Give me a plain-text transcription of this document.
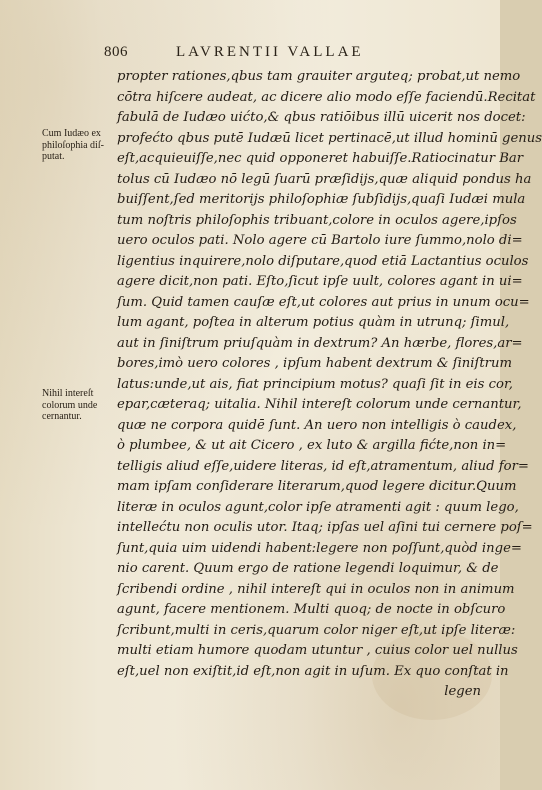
806	LAVRENTII VALLAE
Cum Iudæo ex
philoſophia diſ-
putat.
Nihil intereſt
colorum unde
cernantur.
propter rationes,qbus tam grauiter arguteq; probat,ut nemo
cōtra hiſcere audeat, ac dicere alio modo eſſe faciendū.Recitat
fabulā de Iudæo uićto,& qbus ratiōibus illū uicerit nos docet:
profećto qbus putē Iudæū licet pertinacē,ut illud hominū genus
eſt,acquieuiſſe,nec quid opponeret habuiſſe.Ratiocinatur Bar
tolus cū Iudæo nō legū ſuarū præſidijs,quæ aliquid pondus ha
buiſſent,ſed meritorijs philoſophiæ ſubſidijs,quaſi Iudæi mula
tum noſtris philoſophis tribuant,colore in oculos agere,ipſos
uero oculos pati. Nolo agere cū Bartolo iure ſummo,nolo di=
ligentius inquirere,nolo diſputare,quod etiā Lactantius oculos
agere dicit,non pati. Eſto,ſicut ipſe uult, colores agant in ui=
ſum. Quid tamen cauſæ eſt,ut colores aut prius in unum ocu=
lum agant, poſtea in alterum potius quàm in utrunq; ſimul,
aut in ſiniſtrum priuſquàm in dextrum? An hærbe, flores,ar=
bores,imò uero colores , ipſum habent dextrum & ſiniſtrum
latus:unde,ut ais, fiat principium motus? quaſi ſit in eis cor,
epar,cæteraq; uitalia. Nihil intereſt colorum unde cernantur,
quæ ne corpora quidē ſunt. An uero non intelligis ò caudex,
ò plumbee, & ut ait Cicero , ex luto & argilla fićte,non in=
telligis aliud eſſe,uidere literas, id eſt,atramentum, aliud for=
mam ipſam conſiderare literarum,quod legere dicitur.Quum
literæ in oculos agunt,color ipſe atramenti agit : quum lego,
intellećtu non oculis utor. Itaq; ipſas uel aſini tui cernere poſ=
ſunt,quia uim uidendi habent:legere non poſſunt,quòd inge=
nio carent. Quum ergo de ratione legendi loquimur, & de
ſcribendi ordine , nihil intereſt qui in oculos non in animum
agunt, facere mentionem. Multi quoq; de nocte in obſcuro
ſcribunt,multi in ceris,quarum color niger eſt,ut ipſe literæ:
multi etiam humore quodam utuntur , cuius color uel nullus
eſt,uel non exiſtit,id eſt,non agit in uſum. Ex quo conſtat in
legen
